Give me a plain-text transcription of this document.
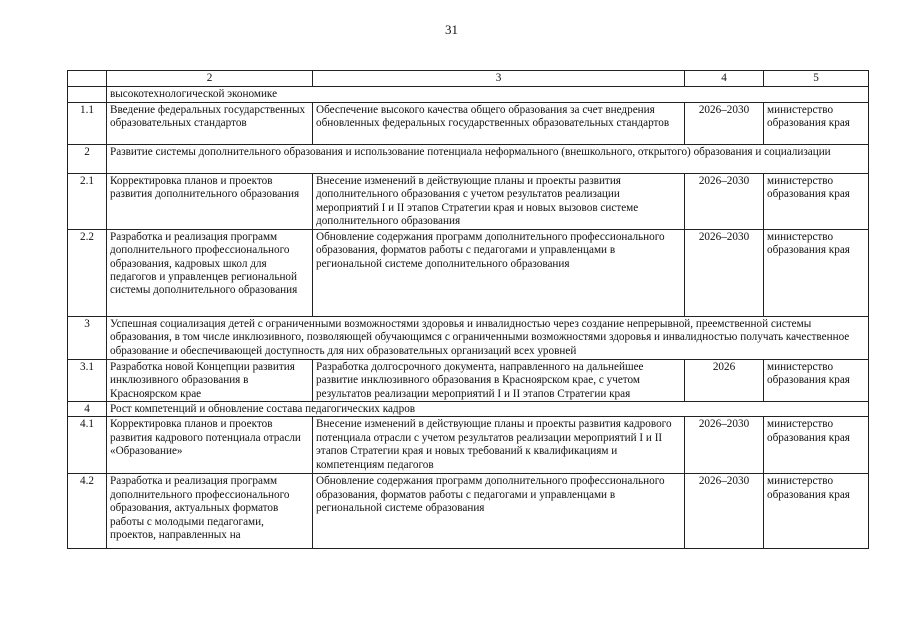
31
	2	3	4	5
	высокотехнологической экономике			
1.1	Введение федеральных государственных образовательных стандартов	Обеспечение высокого качества общего образования за счет внедрения обновленных федеральных государственных образовательных стандартов	2026–2030	министерство образования края
2	Развитие системы дополнительного образования и использование потенциала неформального (внешкольного, открытого) образования и социализации			
2.1	Корректировка планов и проектов развития дополнительного образования	Внесение изменений в действующие планы и проекты развития дополнительного образования с учетом результатов реализации мероприятий I и II этапов Стратегии края и новых вызовов системе дополнительного образования	2026–2030	министерство образования края
2.2	Разработка и реализация программ дополнительного профессионального образования, кадровых школ для педагогов и управленцев региональной системы дополнительного образования	Обновление содержания программ дополнительного профессионального образования, форматов работы с педагогами и управленцами в региональной системе дополнительного образования	2026–2030	министерство образования края
3	Успешная социализация детей с ограниченными возможностями здоровья и инвалидностью через создание непрерывной, преемственной системы образования, в том числе инклюзивного, позволяющей обучающимся с ограниченными возможностями здоровья и инвалидностью получать качественное образование и обеспечивающей доступность для них образовательных организаций всех уровней			
3.1	Разработка новой Концепции развития инклюзивного образования в Красноярском крае	Разработка долгосрочного документа, направленного на дальнейшее развитие инклюзивного образования в Красноярском крае, с учетом результатов реализации мероприятий I и II этапов Стратегии края	2026	министерство образования края
4	Рост компетенций и обновление состава педагогических кадров			
4.1	Корректировка планов и проектов развития кадрового потенциала отрасли «Образование»	Внесение изменений в действующие планы и проекты развития кадрового потенциала отрасли с учетом результатов реализации мероприятий I и II этапов Стратегии края и новых требований к квалификациям и компетенциям педагогов	2026–2030	министерство образования края
4.2	Разработка и реализация программ дополнительного профессионального образования, актуальных форматов работы с молодыми педагогами, проектов, направленных на	Обновление содержания программ дополнительного профессионального образования, форматов работы с педагогами и управленцами в региональной системе образования	2026–2030	министерство образования края
